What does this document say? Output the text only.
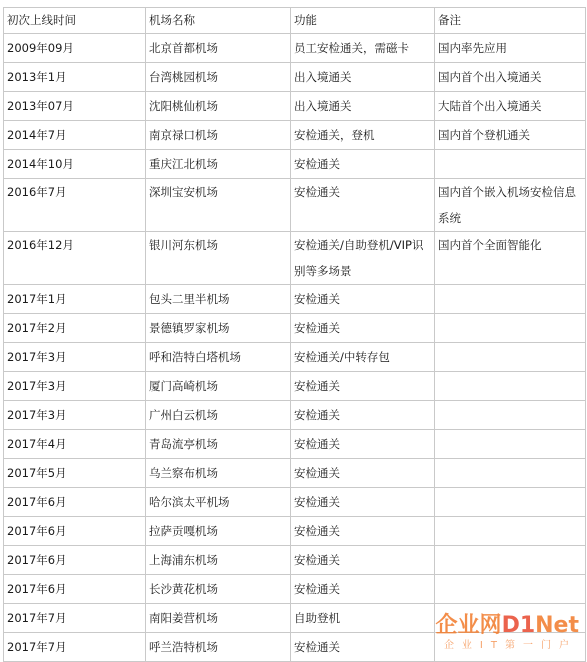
初次上线时间	机场名称	功能	备注
2009年09月	北京首都机场	员工安检通关，需磁卡	国内率先应用
2013年1月	台湾桃园机场	出入境通关	国内首个出入境通关
2013年07月	沈阳桃仙机场	出入境通关	大陆首个出入境通关
2014年7月	南京禄口机场	安检通关，登机	国内首个登机通关
2014年10月	重庆江北机场	安检通关	
2016年7月	深圳宝安机场	安检通关	国内首个嵌入机场安检信息系统
2016年12月	银川河东机场	安检通关/自助登机/VIP识别等多场景	国内首个全面智能化
2017年1月	包头二里半机场	安检通关	
2017年2月	景德镇罗家机场	安检通关	
2017年3月	呼和浩特白塔机场	安检通关/中转存包	
2017年3月	厦门高崎机场	安检通关	
2017年3月	广州白云机场	安检通关	
2017年4月	青岛流亭机场	安检通关	
2017年5月	乌兰察布机场	安检通关	
2017年6月	哈尔滨太平机场	安检通关	
2017年6月	拉萨贡嘎机场	安检通关	
2017年6月	上海浦东机场	安检通关	
2017年6月	长沙黄花机场	安检通关	
2017年7月	南阳姜营机场	自助登机	
2017年7月	呼兰浩特机场	安检通关	
企业网D1Net
企业IT第一门户
